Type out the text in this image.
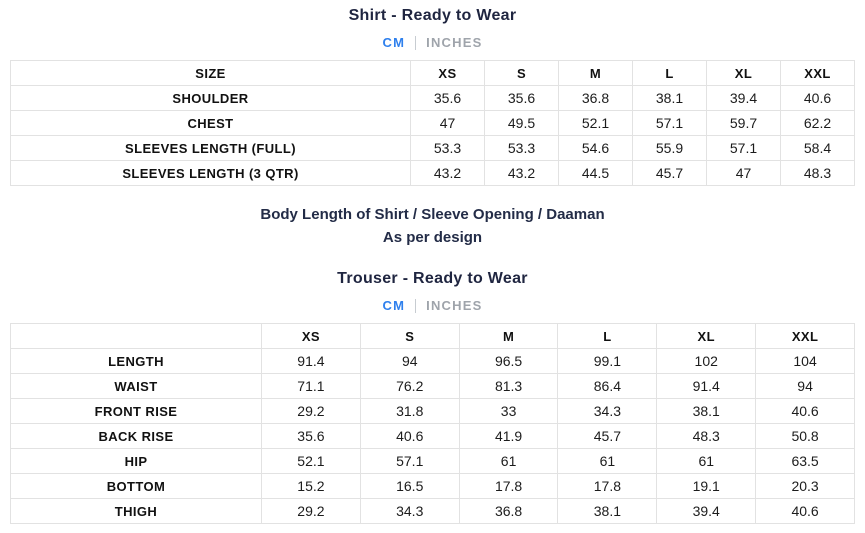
Shirt - Ready to Wear
CM	INCHES
SIZE	XS	S	M	L	XL	XXL
SHOULDER	35.6	35.6	36.8	38.1	39.4	40.6
CHEST	47	49.5	52.1	57.1	59.7	62.2
SLEEVES LENGTH (FULL)	53.3	53.3	54.6	55.9	57.1	58.4
SLEEVES LENGTH (3 QTR)	43.2	43.2	44.5	45.7	47	48.3
Body Length of Shirt / Sleeve Opening / Daaman
As per design
Trouser - Ready to Wear
CM	INCHES
	XS	S	M	L	XL	XXL
LENGTH	91.4	94	96.5	99.1	102	104
WAIST	71.1	76.2	81.3	86.4	91.4	94
FRONT RISE	29.2	31.8	33	34.3	38.1	40.6
BACK RISE	35.6	40.6	41.9	45.7	48.3	50.8
HIP	52.1	57.1	61	61	61	63.5
BOTTOM	15.2	16.5	17.8	17.8	19.1	20.3
THIGH	29.2	34.3	36.8	38.1	39.4	40.6
